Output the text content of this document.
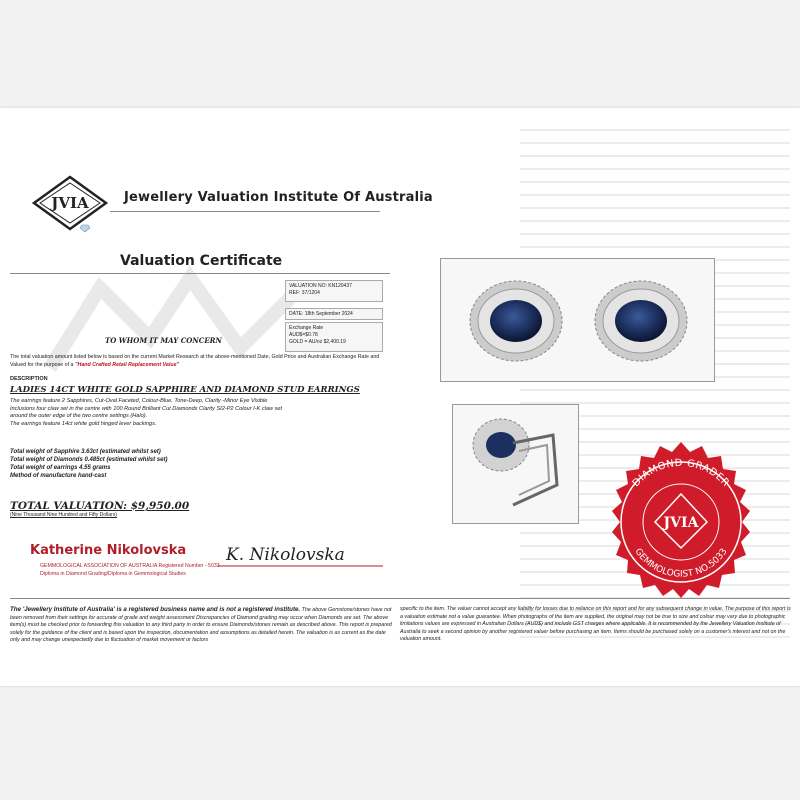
JVIA	Jewellery Valuation Institute Of Australia
Valuation Certificate
VALUATION NO: KN120437
REF: 37/1204
DATE: 18th September 2024
Exchange Rate
AUD$=$0.78
GOLD = AU/oz $2,400.19
TO WHOM IT MAY CONCERN
The total valuation amount listed below is based on the current Market Research at the above-mentioned Date, Gold Price and Australian Exchange Rate and Valued for the purpose of a "Hand Crafted Retail Replacement Value"
DESCRIPTION
LADIES 14CT WHITE GOLD SAPPHIRE AND DIAMOND STUD EARRINGS
The earrings feature 2 Sapphires, Cut-Oval Faceted, Colour-Blue, Tone-Deep, Clarity -Minor Eye Visible
Inclusions four claw set in the centre with 100 Round Brilliant Cut Diamonds Clarity SI2-P2 Colour I-K claw set
around the outer edge of the two centre settings (Halo).
The earrings feature 14ct white gold hinged lever backings.
Total weight of Sapphire 3.63ct (estimated whilst set)
Total weight of Diamonds 0.485ct (estimated whilst set)
Total weight of earrings 4.55 grams
Method of manufacture hand-cast
TOTAL VALUATION: $9,950.00
(Nine Thousand Nine Hundred and Fifty Dollars)
Katherine Nikolovska K. Nikolovska
GEMMOLOGICAL ASSOCIATION OF AUSTRALIA Registered Number - 5033
Diploma in Diamond Grading/Diploma in Gemmological Studies
The 'Jewellery Institute of Australia' is a registered business name and is not a registered institute. The above Gemstone/stones have not been removed from their settings for accurate of grade and weight assessment Discrepancies of Diamond grading may occur when Diamonds are set. The above item(s) must be checked prior to forwarding this valuation to any third party in order to ensure Diamonds/stones remain as described above. This report is prepared solely for the guidance of the client and is based upon the inspection, documentation and assumptions as detailed herein. The valuation is as current as the date only and may change unexpectedly due to fluctuation of market movement or factors
specific to the item. The valuer cannot accept any liability for losses due to reliance on this report and for any subsequent change in value. The purpose of this report is a valuation estimate not a value guarantee. When photographs of the item are supplied, the original may not be true to size and colour may vary due to photographic limitations values are expressed in Australian Dollars (AUD$) and include GST charges where applicable. It is recommended by the Jewellery Valuation Institute of Australia to seek a second opinion by another registered valuer before purchasing an item. Items should be purchased solely on a customer's interest and not on the valuation amount.
DIAMOND GRADER
JVIA
GEMMOLOGIST NO.5033
